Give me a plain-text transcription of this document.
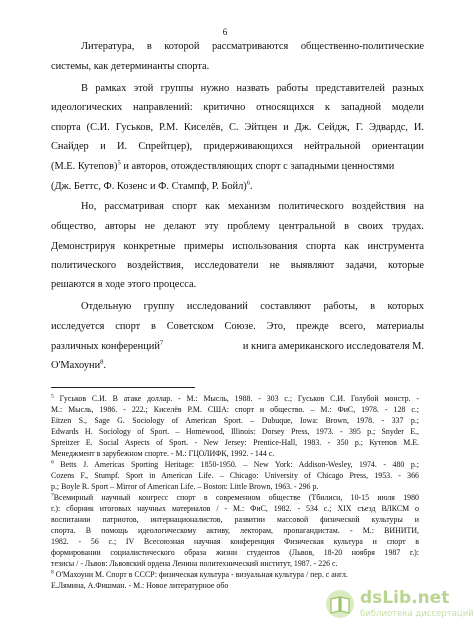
6
Литература, в которой рассматриваются общественно-политические
системы, как детерминанты спорта.
В рамках этой группы нужно назвать работы представителей разных
идеологических направлений: критично относящихся к западной модели
спорта (С.И. Гуськов, Р.М. Киселёв, С. Эйтцен и Дж. Сейдж, Г. Эдвардс, И.
Снайдер и И. Спрейтцер), придерживающихся нейтральной ориентации
(М.Е. Кутепов)$^5$ и авторов, отождествляющих спорт с западными ценностями
(Дж. Беттс, Ф. Козенс и Ф. Стампф, Р. Бойл)$^6$.
Но, рассматривая спорт как механизм политического воздействия на
общество, авторы не делают эту проблему центральной в своих трудах.
Демонстрируя конкретные примеры использования спорта как инструмента
политического воздействия, исследователи не выявляют задачи, которые
решаются в ходе этого процесса.
Отдельную группу исследований составляют работы, в которых
исследуется спорт в Советском Союзе. Это, прежде всего, материалы
различных конференций$^7$	и книга американского исследователя М.
О'Махоуни$^8$.
$^5$ Гуськов С.И. В атаке доллар. - М.: Мысль, 1988. - 303 с.; Гуськов С.И. Голубой монстр. -
М.: Мысль, 1986. - 222.; Киселёв Р.М. США: спорт и общество. – М.: ФиС, 1978. - 128 с.;
Eitzen S., Sage G. Sociology of American Sport. – Dubuque, Iowa: Brown, 1978. - 337 p.;
Edwards H. Sociology of Sport. – Homewood, Illinois: Dorsey Press, 1973. - 395 p.; Snyder E.,
Spreitzer E. Social Aspects of Sport. - New Jersey: Prentice-Hall, 1983. - 350 p.; Кутепов М.Е.
Менеджмент в зарубежном спорте. - М.: ГЦОЛИФК, 1992. - 144 с.
$^6$ Betts J. Americas Sporting Heritage: 1850-1950. – New York: Addison-Wesley, 1974. - 480 p.;
Cozens F., Stumpf. Sport in American Life. – Chicago: University of Chicago Press, 1953. - 366
p.; Boyle R. Sport – Mirror of American Life. – Boston: Little Brown, 1963. - 296 p.
$^7$Всемирный научный конгресс спорт в современном обществе (Тбилиси, 10-15 июля 1980
г.): сборник итоговых научных материалов / - М.: ФиС, 1982. - 534 с.; XIX съезд ВЛКСМ о
воспитании патриотов, интернационалистов, развитии массовой физической культуры и
спорта. В помощь идеологическому активу, лекторам, пропагандистам. - М.: ВИНИТИ,
1982. - 56 с.; IV Всесоюзная научная конференция Физическая культура и спорт в
формировании социалистического образа жизни студентов (Львов, 18-20 ноября 1987 г.):
тезисы / - Львов: Львовский ордена Ленина политехнический институт, 1987. - 226 с.
$^8$ О'Махоуни М. Спорт в СССР: физическая культура - визуальная культура / пер. с англ.
Е.Лямина, А.Фишман. - М.: Новое литературное обо
dsLib.net
библиотека диссертаций
